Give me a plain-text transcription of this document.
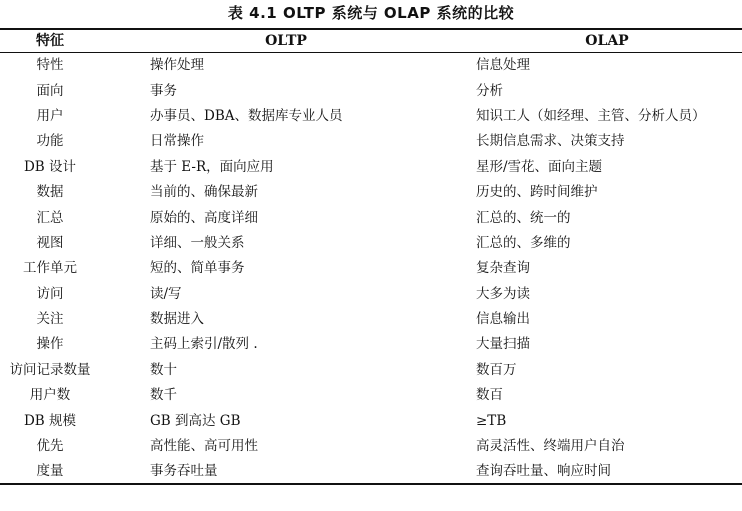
表 4.1 OLTP 系统与 OLAP 系统的比较
特征	OLTP	OLAP
特性	操作处理	信息处理
面向	事务	分析
用户	办事员、DBA、数据库专业人员	知识工人（如经理、主管、分析人员）
功能	日常操作	长期信息需求、决策支持
DB 设计	基于 E-R，面向应用	星形/雪花、面向主题
数据	当前的、确保最新	历史的、跨时间维护
汇总	原始的、高度详细	汇总的、统一的
视图	详细、一般关系	汇总的、多维的
工作单元	短的、简单事务	复杂查询
访问	读/写	大多为读
关注	数据进入	信息输出
操作	主码上索引/散列 .	大量扫描
访问记录数量	数十	数百万
用户数	数千	数百
DB 规模	GB 到高达 GB	≥TB
优先	高性能、高可用性	高灵活性、终端用户自治
度量	事务吞吐量	查询吞吐量、响应时间
